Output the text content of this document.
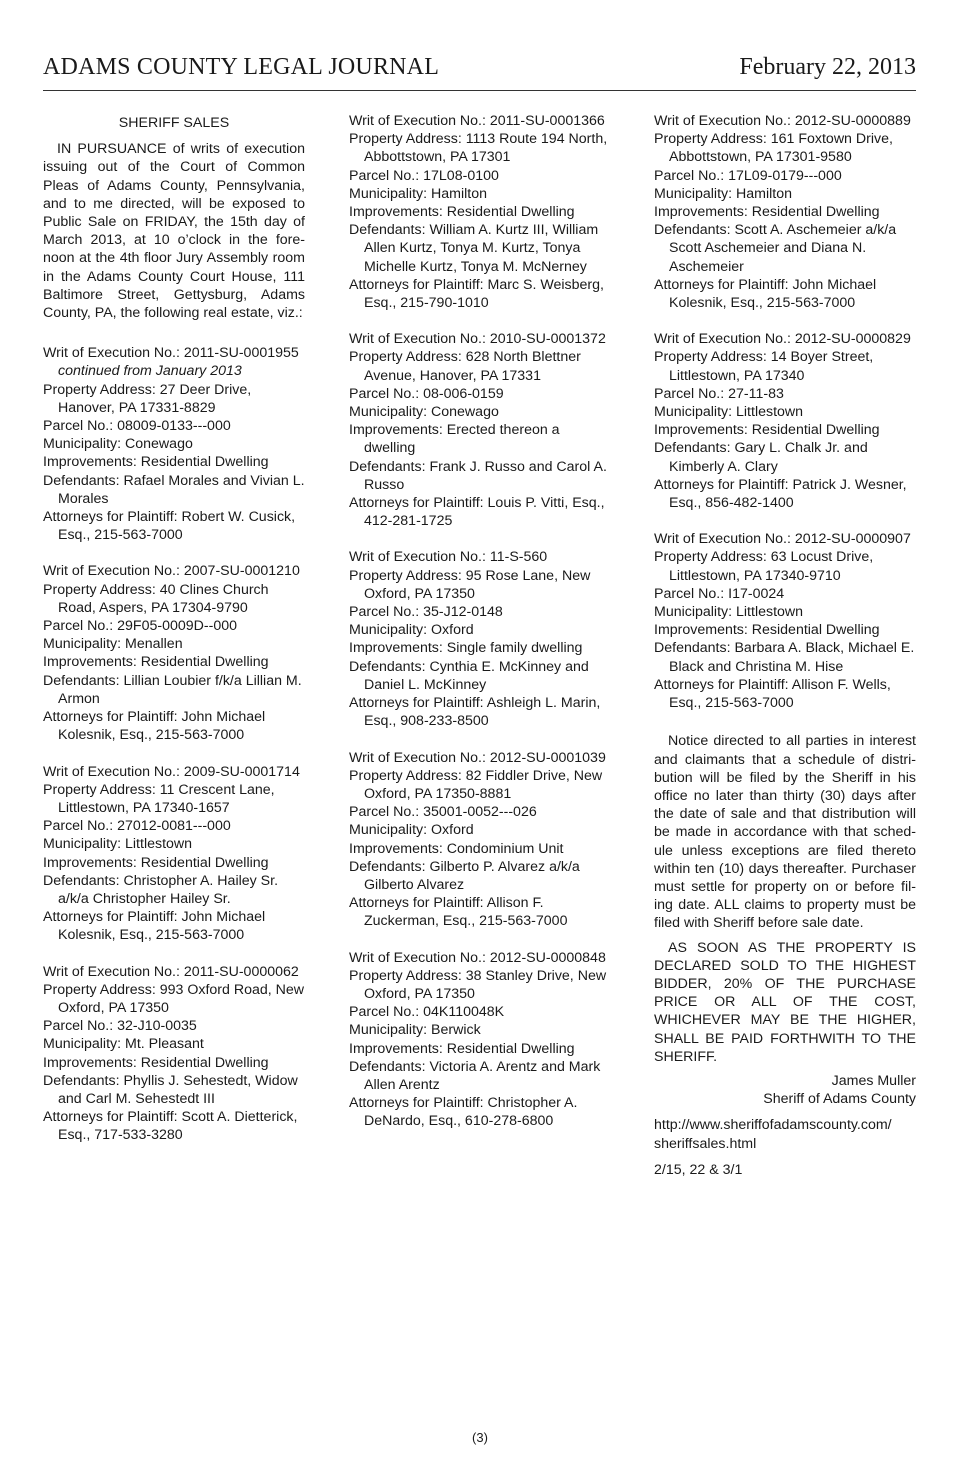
ADAMS COUNTY LEGAL JOURNAL	February 22, 2013
SHERIFF SALES
IN PURSUANCE of writs of execution issuing out of the Court of Common Pleas of Adams County, Pennsylvania, and to me directed, will be exposed to Public Sale on FRIDAY, the 15th day of March 2013, at 10 o’clock in the fore-noon at the 4th floor Jury Assembly room in the Adams County Court House, 111 Baltimore Street, Gettysburg, Adams County, PA, the following real estate, viz.:
Writ of Execution No.: 2011-SU-0001955 continued from January 2013
Property Address: 27 Deer Drive, Hanover, PA 17331-8829
Parcel No.: 08009-0133---000
Municipality: Conewago
Improvements: Residential Dwelling
Defendants: Rafael Morales and Vivian L. Morales
Attorneys for Plaintiff: Robert W. Cusick, Esq., 215-563-7000
Writ of Execution No.: 2007-SU-0001210
Property Address: 40 Clines Church Road, Aspers, PA 17304-9790
Parcel No.: 29F05-0009D--000
Municipality: Menallen
Improvements: Residential Dwelling
Defendants: Lillian Loubier f/k/a Lillian M. Armon
Attorneys for Plaintiff: John Michael Kolesnik, Esq., 215-563-7000
Writ of Execution No.: 2009-SU-0001714
Property Address: 11 Crescent Lane, Littlestown, PA 17340-1657
Parcel No.: 27012-0081---000
Municipality: Littlestown
Improvements: Residential Dwelling
Defendants: Christopher A. Hailey Sr. a/k/a Christopher Hailey Sr.
Attorneys for Plaintiff: John Michael Kolesnik, Esq., 215-563-7000
Writ of Execution No.: 2011-SU-0000062
Property Address: 993 Oxford Road, New Oxford, PA 17350
Parcel No.: 32-J10-0035
Municipality: Mt. Pleasant
Improvements: Residential Dwelling
Defendants: Phyllis J. Sehestedt, Widow and Carl M. Sehestedt III
Attorneys for Plaintiff: Scott A. Dietterick, Esq., 717-533-3280
Writ of Execution No.: 2011-SU-0001366
Property Address: 1113 Route 194 North, Abbottstown, PA 17301
Parcel No.: 17L08-0100
Municipality: Hamilton
Improvements: Residential Dwelling
Defendants: William A. Kurtz III, William Allen Kurtz, Tonya M. Kurtz, Tonya Michelle Kurtz, Tonya M. McNerney
Attorneys for Plaintiff: Marc S. Weisberg, Esq., 215-790-1010
Writ of Execution No.: 2010-SU-0001372
Property Address: 628 North Blettner Avenue, Hanover, PA 17331
Parcel No.: 08-006-0159
Municipality: Conewago
Improvements: Erected thereon a dwelling
Defendants: Frank J. Russo and Carol A. Russo
Attorneys for Plaintiff: Louis P. Vitti, Esq., 412-281-1725
Writ of Execution No.: 11-S-560
Property Address: 95 Rose Lane, New Oxford, PA 17350
Parcel No.: 35-J12-0148
Municipality: Oxford
Improvements: Single family dwelling
Defendants: Cynthia E. McKinney and Daniel L. McKinney
Attorneys for Plaintiff: Ashleigh L. Marin, Esq., 908-233-8500
Writ of Execution No.: 2012-SU-0001039
Property Address: 82 Fiddler Drive, New Oxford, PA 17350-8881
Parcel No.: 35001-0052---026
Municipality: Oxford
Improvements: Condominium Unit
Defendants: Gilberto P. Alvarez a/k/a Gilberto Alvarez
Attorneys for Plaintiff: Allison F. Zuckerman, Esq., 215-563-7000
Writ of Execution No.: 2012-SU-0000848
Property Address: 38 Stanley Drive, New Oxford, PA 17350
Parcel No.: 04K110048K
Municipality: Berwick
Improvements: Residential Dwelling
Defendants: Victoria A. Arentz and Mark Allen Arentz
Attorneys for Plaintiff: Christopher A. DeNardo, Esq., 610-278-6800
Writ of Execution No.: 2012-SU-0000889
Property Address: 161 Foxtown Drive, Abbottstown, PA 17301-9580
Parcel No.: 17L09-0179---000
Municipality: Hamilton
Improvements: Residential Dwelling
Defendants: Scott A. Aschemeier a/k/a Scott Aschemeier and Diana N. Aschemeier
Attorneys for Plaintiff: John Michael Kolesnik, Esq., 215-563-7000
Writ of Execution No.: 2012-SU-0000829
Property Address: 14 Boyer Street, Littlestown, PA 17340
Parcel No.: 27-11-83
Municipality: Littlestown
Improvements: Residential Dwelling
Defendants: Gary L. Chalk Jr. and Kimberly A. Clary
Attorneys for Plaintiff: Patrick J. Wesner, Esq., 856-482-1400
Writ of Execution No.: 2012-SU-0000907
Property Address: 63 Locust Drive, Littlestown, PA 17340-9710
Parcel No.: I17-0024
Municipality: Littlestown
Improvements: Residential Dwelling
Defendants: Barbara A. Black, Michael E. Black and Christina M. Hise
Attorneys for Plaintiff: Allison F. Wells, Esq., 215-563-7000
Notice directed to all parties in interest and claimants that a schedule of distri-bution will be filed by the Sheriff in his office no later than thirty (30) days after the date of sale and that distribution will be made in accordance with that sched-ule unless exceptions are filed thereto within ten (10) days thereafter. Purchaser must settle for property on or before fil-ing date. ALL claims to property must be filed with Sheriff before sale date.
AS SOON AS THE PROPERTY IS DECLARED SOLD TO THE HIGHEST BIDDER, 20% OF THE PURCHASE PRICE OR ALL OF THE COST, WHICHEVER MAY BE THE HIGHER, SHALL BE PAID FORTHWITH TO THE SHERIFF.
James Muller
Sheriff of Adams County
http://www.sheriffofadamscounty.com/ sheriffsales.html
2/15, 22 & 3/1
(3)
